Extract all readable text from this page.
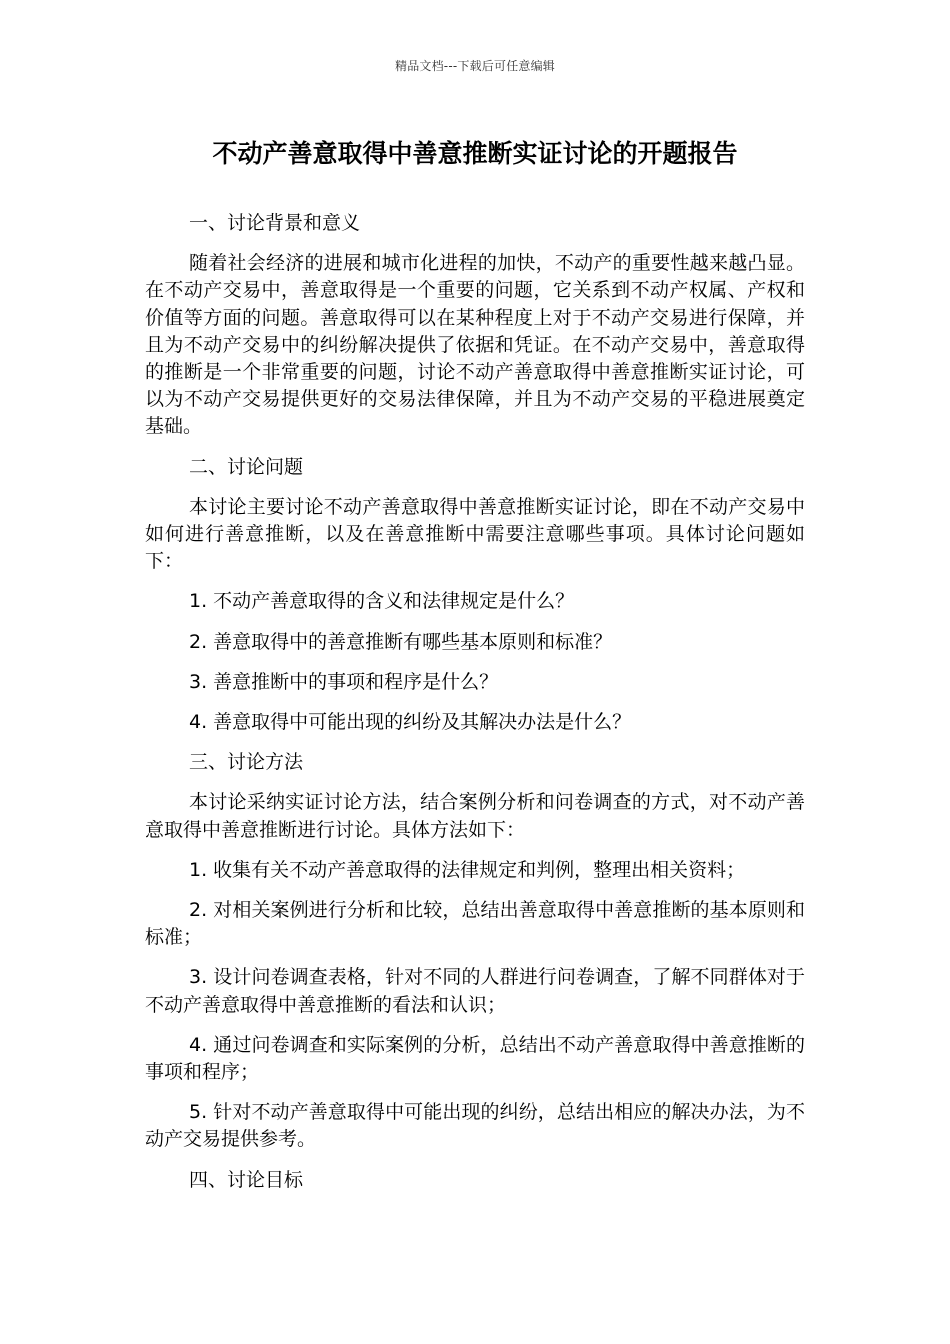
精品文档---下载后可任意编辑
不动产善意取得中善意推断实证讨论的开题报告

一、讨论背景和意义

随着社会经济的进展和城市化进程的加快，不动产的重要性越来越凸显。在不动产交易中，善意取得是一个重要的问题，它关系到不动产权属、产权和价值等方面的问题。善意取得可以在某种程度上对于不动产交易进行保障，并且为不动产交易中的纠纷解决提供了依据和凭证。在不动产交易中，善意取得的推断是一个非常重要的问题，讨论不动产善意取得中善意推断实证讨论，可以为不动产交易提供更好的交易法律保障，并且为不动产交易的平稳进展奠定基础。

二、讨论问题

本讨论主要讨论不动产善意取得中善意推断实证讨论，即在不动产交易中如何进行善意推断，以及在善意推断中需要注意哪些事项。具体讨论问题如下：

1. 不动产善意取得的含义和法律规定是什么？

2. 善意取得中的善意推断有哪些基本原则和标准？

3. 善意推断中的事项和程序是什么？

4. 善意取得中可能出现的纠纷及其解决办法是什么？

三、讨论方法

本讨论采纳实证讨论方法，结合案例分析和问卷调查的方式，对不动产善意取得中善意推断进行讨论。具体方法如下：

1. 收集有关不动产善意取得的法律规定和判例，整理出相关资料；

2. 对相关案例进行分析和比较，总结出善意取得中善意推断的基本原则和标准；

3. 设计问卷调查表格，针对不同的人群进行问卷调查，了解不同群体对于不动产善意取得中善意推断的看法和认识；

4. 通过问卷调查和实际案例的分析，总结出不动产善意取得中善意推断的事项和程序；

5. 针对不动产善意取得中可能出现的纠纷，总结出相应的解决办法，为不动产交易提供参考。

四、讨论目标
